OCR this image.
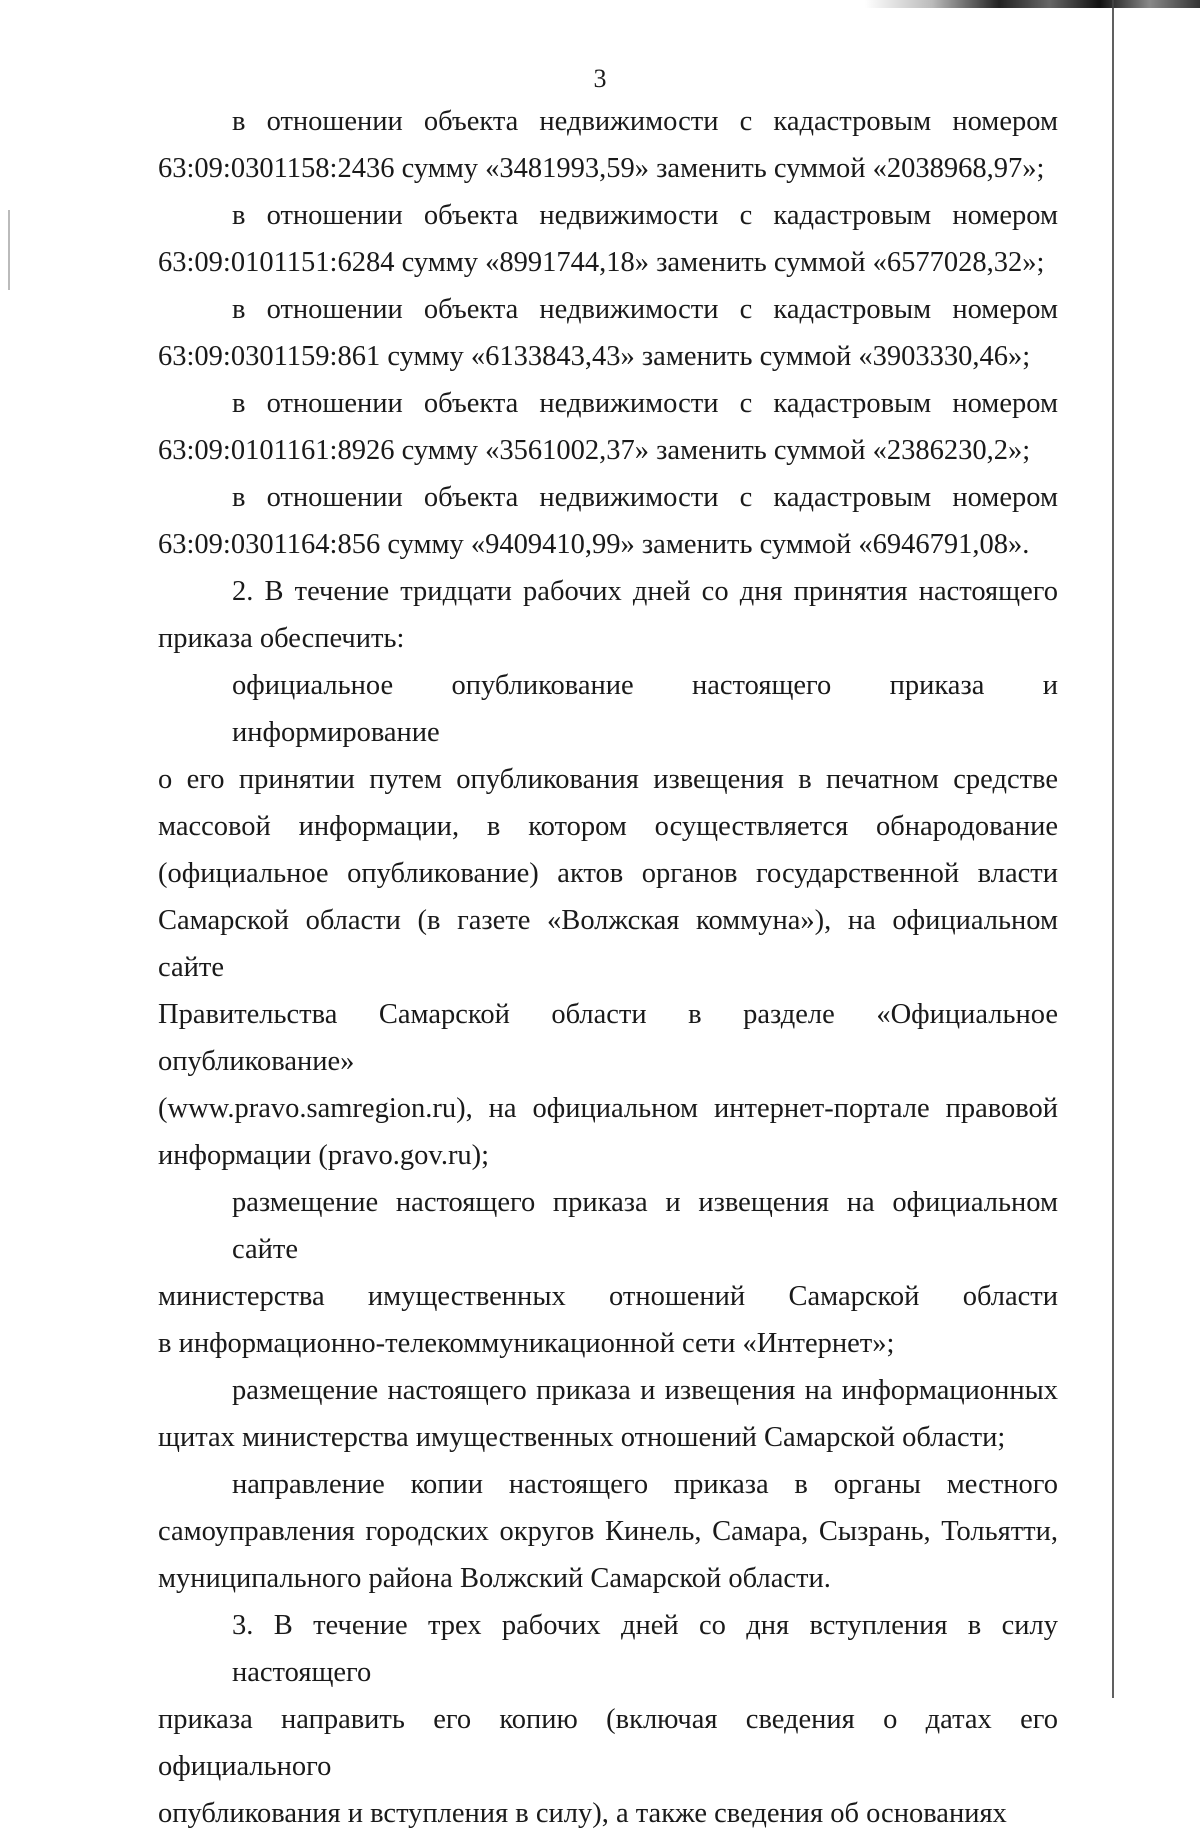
3
в отношении объекта недвижимости с кадастровым номером
63:09:0301158:2436 сумму «3481993,59» заменить суммой «2038968,97»;
в отношении объекта недвижимости с кадастровым номером
63:09:0101151:6284 сумму «8991744,18» заменить суммой «6577028,32»;
в отношении объекта недвижимости с кадастровым номером
63:09:0301159:861 сумму «6133843,43» заменить суммой «3903330,46»;
в отношении объекта недвижимости с кадастровым номером
63:09:0101161:8926 сумму «3561002,37» заменить суммой «2386230,2»;
в отношении объекта недвижимости с кадастровым номером
63:09:0301164:856 сумму «9409410,99» заменить суммой «6946791,08».
2. В течение тридцати рабочих дней со дня принятия настоящего
приказа обеспечить:
официальное опубликование настоящего приказа и информирование
о его принятии путем опубликования извещения в печатном средстве
массовой информации, в котором осуществляется обнародование
(официальное опубликование) актов органов государственной власти
Самарской области (в газете «Волжская коммуна»), на официальном сайте
Правительства Самарской области в разделе «Официальное опубликование»
(www.pravo.samregion.ru), на официальном интернет-портале правовой
информации (pravo.gov.ru);
размещение настоящего приказа и извещения на официальном сайте
министерства имущественных отношений Самарской области
в информационно-телекоммуникационной сети «Интернет»;
размещение настоящего приказа и извещения на информационных
щитах министерства имущественных отношений Самарской области;
направление копии настоящего приказа в органы местного
самоуправления городских округов Кинель, Самара, Сызрань, Тольятти,
муниципального района Волжский Самарской области.
3. В течение трех рабочих дней со дня вступления в силу настоящего
приказа направить его копию (включая сведения о датах его официального
опубликования и вступления в силу), а также сведения об основаниях
